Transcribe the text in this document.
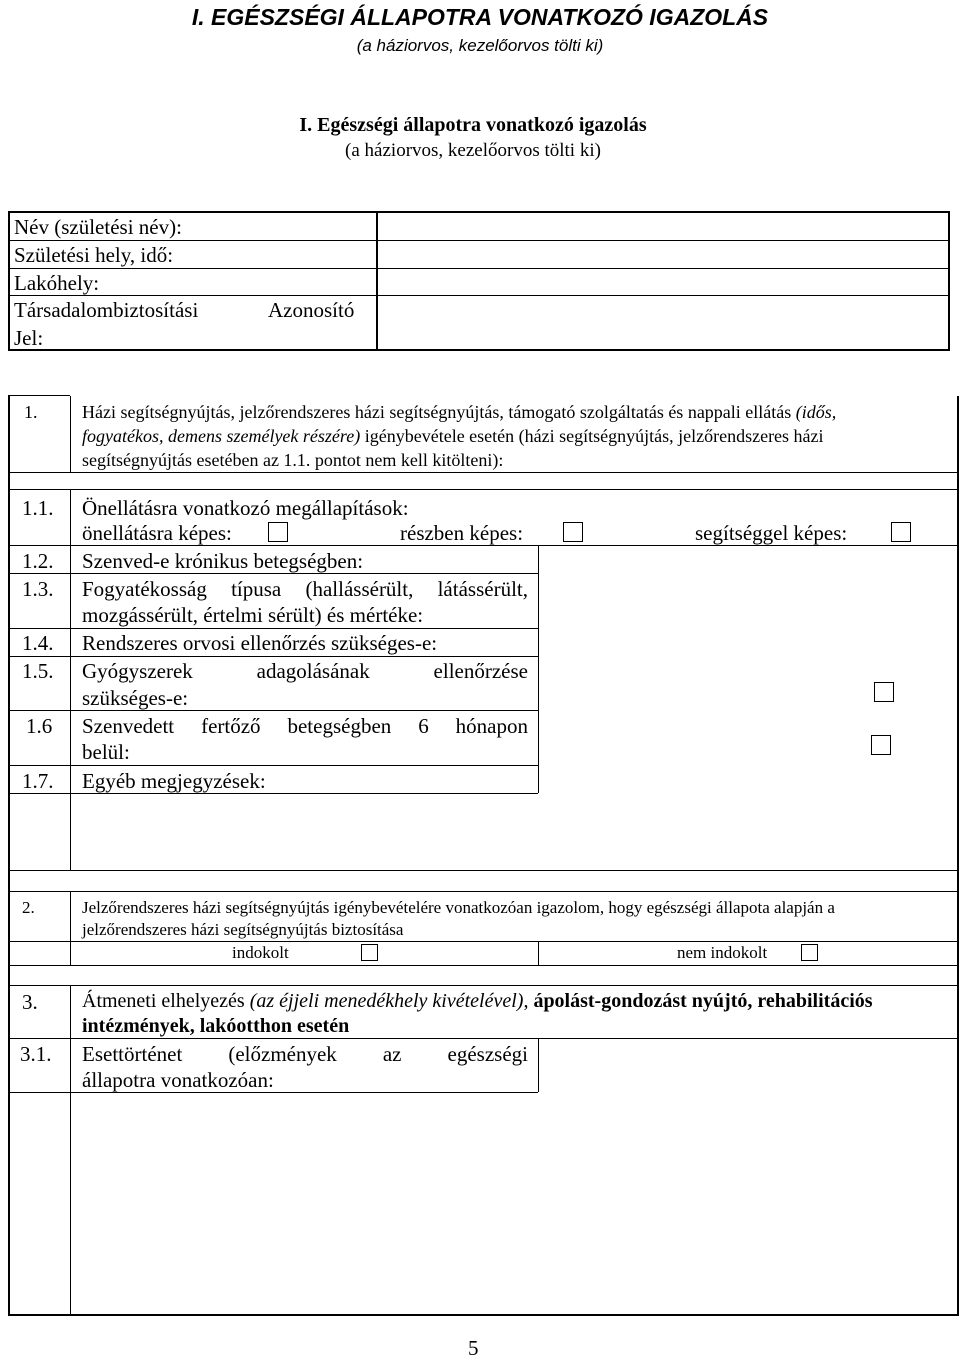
I. EGÉSZSÉGI ÁLLAPOTRA VONATKOZÓ IGAZOLÁS
(a háziorvos, kezelőorvos tölti ki)
I. Egészségi állapotra vonatkozó igazolás
(a háziorvos, kezelőorvos tölti ki)
Név (születési név):
Születési hely, idő:
Lakóhely:
Társadalombiztosítási	Azonosító
Jel:
1. Házi segítségnyújtás, jelzőrendszeres házi segítségnyújtás, támogató szolgáltatás és nappali ellátás (idős,
fogyatékos, demens személyek részére) igénybevétele esetén (házi segítségnyújtás, jelzőrendszeres házi
segítségnyújtás esetében az 1.1. pontot nem kell kitölteni):
1.1. Önellátásra vonatkozó megállapítások:
önellátásra képes:	részben képes:	segítséggel képes:
1.2. Szenved-e krónikus betegségben:
1.3. Fogyatékosság típusa (hallássérült, látássérült,
mozgássérült, értelmi sérült) és mértéke:
1.4. Rendszeres orvosi ellenőrzés szükséges-e:
1.5. Gyógyszerek adagolásának ellenőrzése
szükséges-e:
1.6 Szenvedett fertőző betegségben 6 hónapon
belül:
1.7. Egyéb megjegyzések:
2.	Jelzőrendszeres házi segítségnyújtás igénybevételére vonatkozóan igazolom, hogy egészségi állapota alapján a
jelzőrendszeres házi segítségnyújtás biztosítása
indokolt	nem indokolt
3. Átmeneti elhelyezés (az éjjeli menedékhely kivételével), ápolást-gondozást nyújtó, rehabilitációs
intézmények, lakóotthon esetén
3.1. Esettörténet (előzmények az egészségi
állapotra vonatkozóan:
5
